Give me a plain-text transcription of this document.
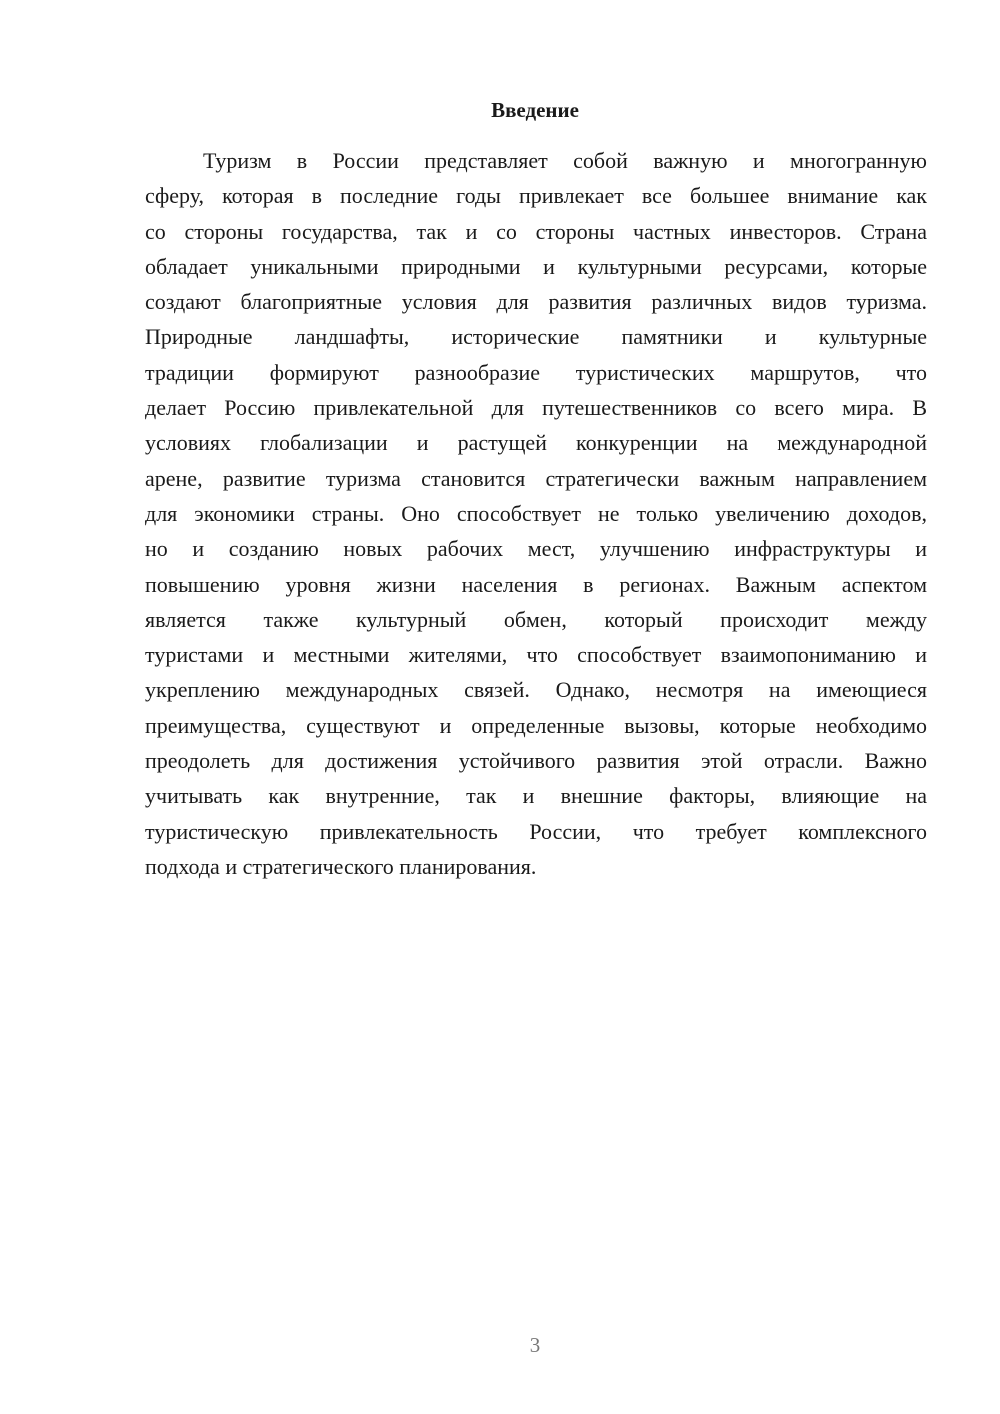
Введение
Туризм в России представляет собой важную и многогранную
сферу, которая в последние годы привлекает все большее внимание как
со стороны государства, так и со стороны частных инвесторов. Страна
обладает уникальными природными и культурными ресурсами, которые
создают благоприятные условия для развития различных видов туризма.
Природные ландшафты, исторические памятники и культурные
традиции формируют разнообразие туристических маршрутов, что
делает Россию привлекательной для путешественников со всего мира. В
условиях глобализации и растущей конкуренции на международной
арене, развитие туризма становится стратегически важным направлением
для экономики страны. Оно способствует не только увеличению доходов,
но и созданию новых рабочих мест, улучшению инфраструктуры и
повышению уровня жизни населения в регионах. Важным аспектом
является также культурный обмен, который происходит между
туристами и местными жителями, что способствует взаимопониманию и
укреплению международных связей. Однако, несмотря на имеющиеся
преимущества, существуют и определенные вызовы, которые необходимо
преодолеть для достижения устойчивого развития этой отрасли. Важно
учитывать как внутренние, так и внешние факторы, влияющие на
туристическую привлекательность России, что требует комплексного
подхода и стратегического планирования.
3
